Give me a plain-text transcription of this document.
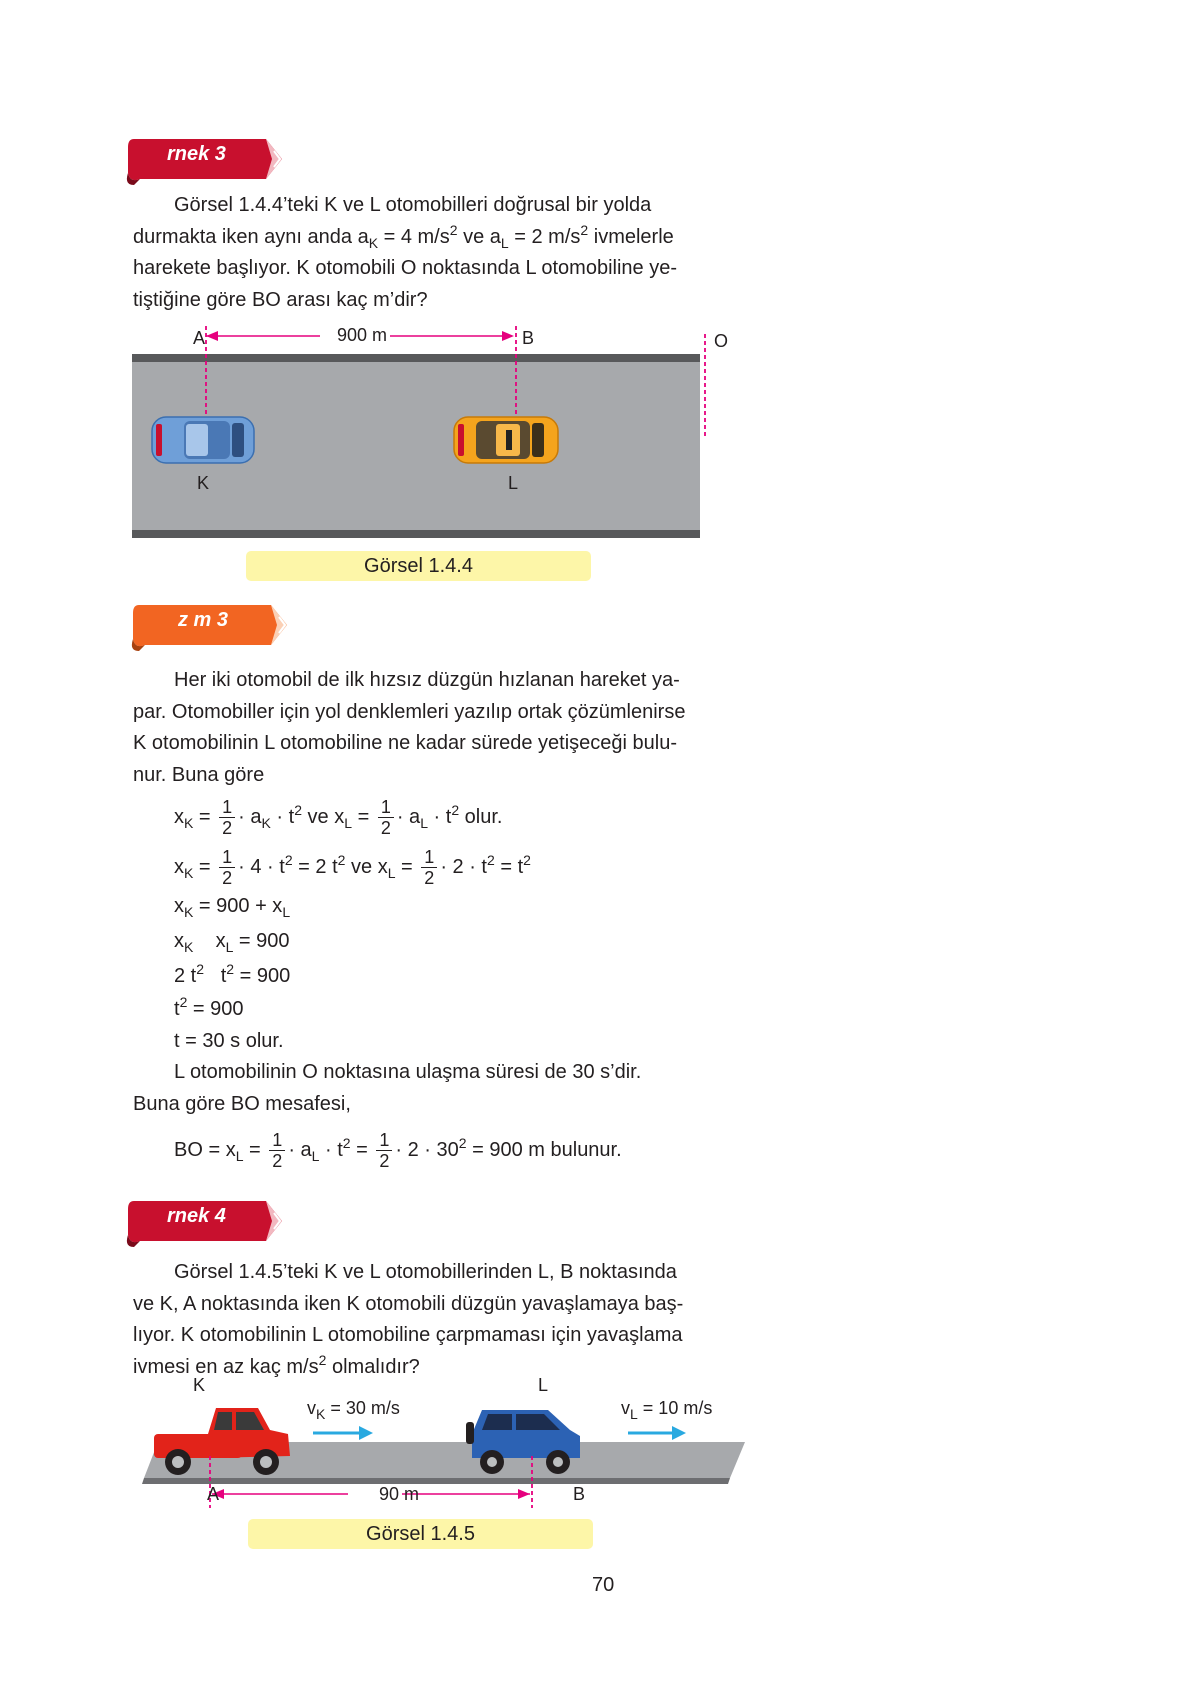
rnek 3
Görsel 1.4.4’teki K ve L otomobilleri doğrusal bir yolda
durmakta iken aynı anda $a_K = 4$ $m/s^2$ ve $a_L = 2$ $m/s^2$ ivmelerle
harekete başlıyor. K otomobili O noktasında L otomobiline ye-
tiştiğine göre BO arası kaç m’dir?
A	B	O
900 m
K	L
Görsel 1.4.4
z m 3
Her iki otomobil de ilk hızsız düzgün hızlanan hareket ya-
par. Otomobiller için yol denklemleri yazılıp ortak çözümlenirse
K otomobilinin L otomobiline ne kadar sürede yetişeceği bulu-
nur. Buna göre
$x_K = \frac{1}{2} \cdot a_K \cdot t^2$ ve $x_L = \frac{1}{2} \cdot a_L \cdot t^2$ olur.
$x_K = \frac{1}{2} \cdot 4 \cdot t^2 = 2$ $t^2$ ve $x_L = \frac{1}{2} \cdot 2 \cdot t^2 = t^2$
$x_K = 900 + x_L$
$x_K$ $x_L = 900$
2 $t^2$ $t^2 = 900$
$t^2 = 900$
t = 30 s olur.
L otomobilinin O noktasına ulaşma süresi de 30 s’dir.
Buna göre BO mesafesi,
BO = $x_L = \frac{1}{2} \cdot a_L \cdot t^2 = \frac{1}{2} \cdot 2 \cdot 30^2 = 900$ m bulunur.
rnek 4
Görsel 1.4.5’teki K ve L otomobillerinden L, B noktasında
ve K, A noktasında iken K otomobili düzgün yavaşlamaya baş-
lıyor. K otomobilinin L otomobiline çarpmaması için yavaşlama
ivmesi en az kaç $m/s^2$ olmalıdır?
K	L
$v_K = 30$ m/s	$v_L = 10$ m/s
A	B
90 m
Görsel 1.4.5
70
